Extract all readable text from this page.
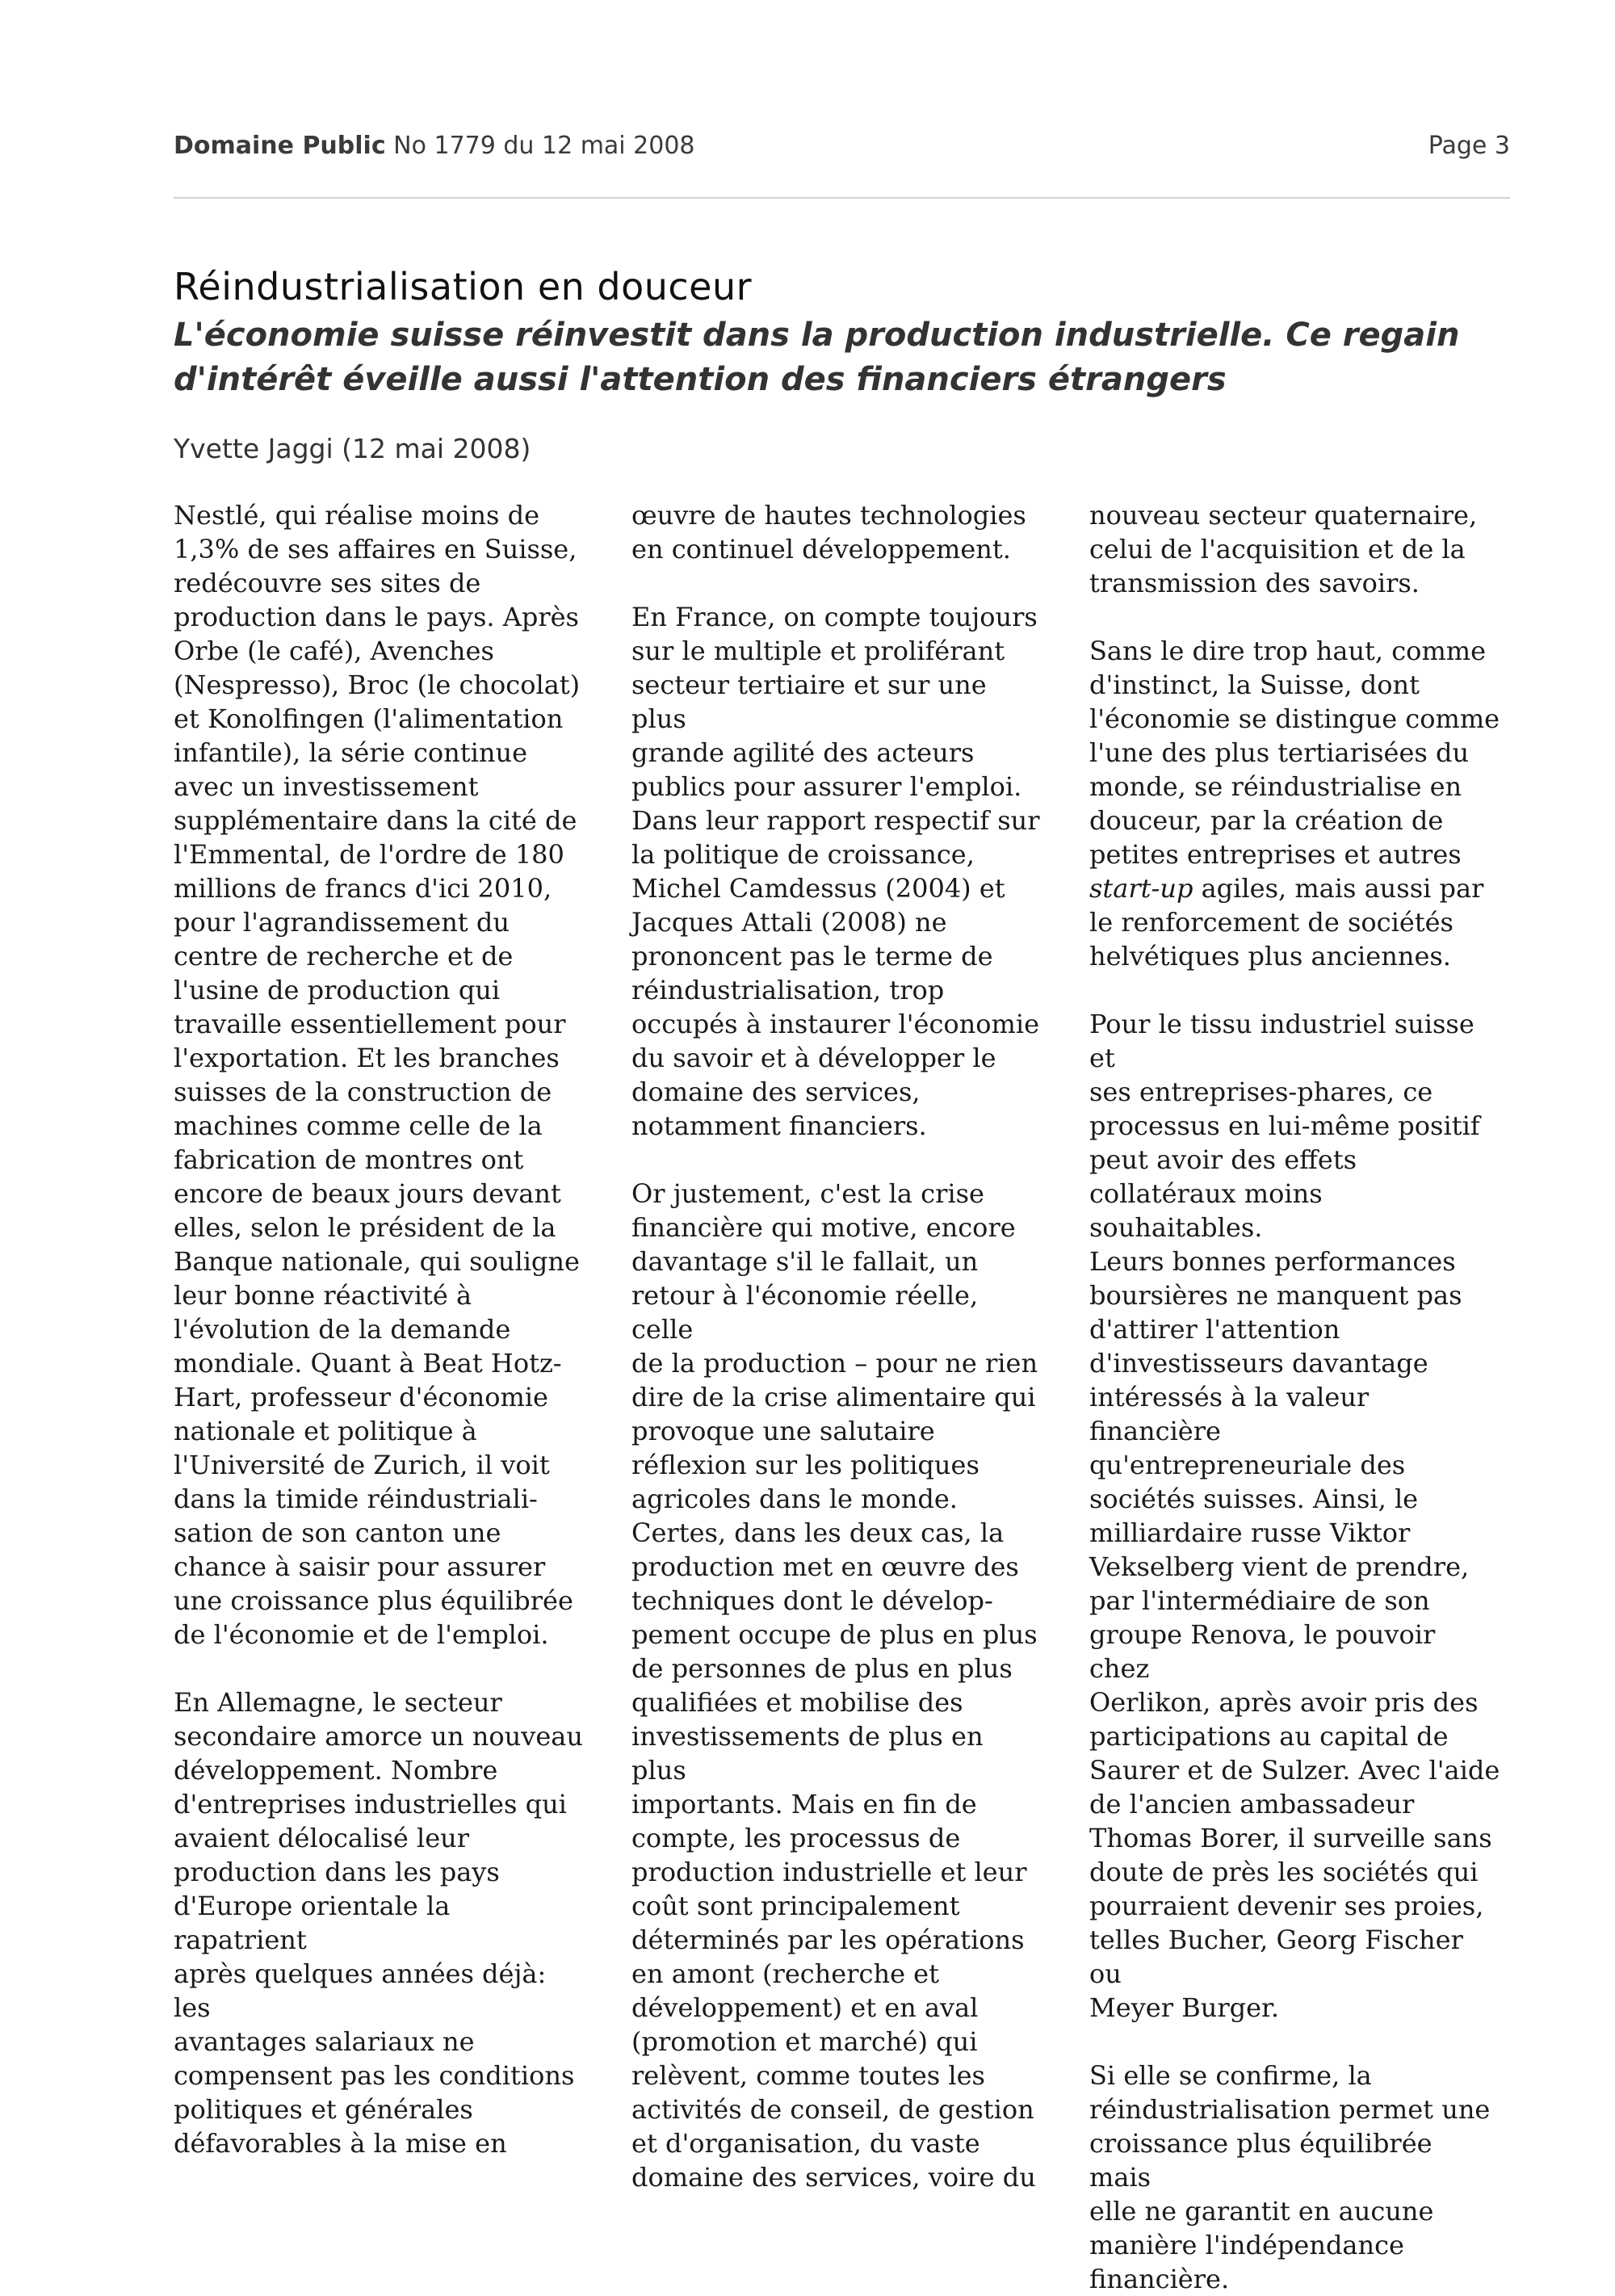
Domaine Public No 1779 du 12 mai 2008	Page 3
Réindustrialisation en douceur
L'économie suisse réinvestit dans la production industrielle. Ce regain d'intérêt éveille aussi l'attention des financiers étrangers
Yvette Jaggi (12 mai 2008)

Nestlé, qui réalise moins de
1,3% de ses affaires en Suisse,
redécouvre ses sites de
production dans le pays. Après
Orbe (le café), Avenches
(Nespresso), Broc (le chocolat)
et Konolfingen (l'alimentation
infantile), la série continue
avec un investissement
supplémentaire dans la cité de
l'Emmental, de l'ordre de 180
millions de francs d'ici 2010,
pour l'agrandissement du
centre de recherche et de
l'usine de production qui
travaille essentiellement pour
l'exportation. Et les branches
suisses de la construction de
machines comme celle de la
fabrication de montres ont
encore de beaux jours devant
elles, selon le président de la
Banque nationale, qui souligne
leur bonne réactivité à
l'évolution de la demande
mondiale. Quant à Beat Hotz-
Hart, professeur d'économie
nationale et politique à
l'Université de Zurich, il voit
dans la timide réindustriali-
sation de son canton une
chance à saisir pour assurer
une croissance plus équilibrée
de l'économie et de l'emploi.

En Allemagne, le secteur
secondaire amorce un nouveau
développement. Nombre
d'entreprises industrielles qui
avaient délocalisé leur
production dans les pays
d'Europe orientale la rapatrient
après quelques années déjà: les
avantages salariaux ne
compensent pas les conditions
politiques et générales
défavorables à la mise en

œuvre de hautes technologies
en continuel développement.

En France, on compte toujours
sur le multiple et proliférant
secteur tertiaire et sur une plus
grande agilité des acteurs
publics pour assurer l'emploi.
Dans leur rapport respectif sur
la politique de croissance,
Michel Camdessus (2004) et
Jacques Attali (2008) ne
prononcent pas le terme de
réindustrialisation, trop
occupés à instaurer l'économie
du savoir et à développer le
domaine des services,
notamment financiers.

Or justement, c'est la crise
financière qui motive, encore
davantage s'il le fallait, un
retour à l'économie réelle, celle
de la production – pour ne rien
dire de la crise alimentaire qui
provoque une salutaire
réflexion sur les politiques
agricoles dans le monde.
Certes, dans les deux cas, la
production met en œuvre des
techniques dont le dévelop-
pement occupe de plus en plus
de personnes de plus en plus
qualifiées et mobilise des
investissements de plus en plus
importants. Mais en fin de
compte, les processus de
production industrielle et leur
coût sont principalement
déterminés par les opérations
en amont (recherche et
développement) et en aval
(promotion et marché) qui
relèvent, comme toutes les
activités de conseil, de gestion
et d'organisation, du vaste
domaine des services, voire du

nouveau secteur quaternaire,
celui de l'acquisition et de la
transmission des savoirs.

Sans le dire trop haut, comme
d'instinct, la Suisse, dont
l'économie se distingue comme
l'une des plus tertiarisées du
monde, se réindustrialise en
douceur, par la création de
petites entreprises et autres
start-up agiles, mais aussi par
le renforcement de sociétés
helvétiques plus anciennes.

Pour le tissu industriel suisse et
ses entreprises-phares, ce
processus en lui-même positif
peut avoir des effets
collatéraux moins souhaitables.
Leurs bonnes performances
boursières ne manquent pas
d'attirer l'attention
d'investisseurs davantage
intéressés à la valeur financière
qu'entrepreneuriale des
sociétés suisses. Ainsi, le
milliardaire russe Viktor
Vekselberg vient de prendre,
par l'intermédiaire de son
groupe Renova, le pouvoir chez
Oerlikon, après avoir pris des
participations au capital de
Saurer et de Sulzer. Avec l'aide
de l'ancien ambassadeur
Thomas Borer, il surveille sans
doute de près les sociétés qui
pourraient devenir ses proies,
telles Bucher, Georg Fischer ou
Meyer Burger.

Si elle se confirme, la
réindustrialisation permet une
croissance plus équilibrée mais
elle ne garantit en aucune
manière l'indépendance
financière.
